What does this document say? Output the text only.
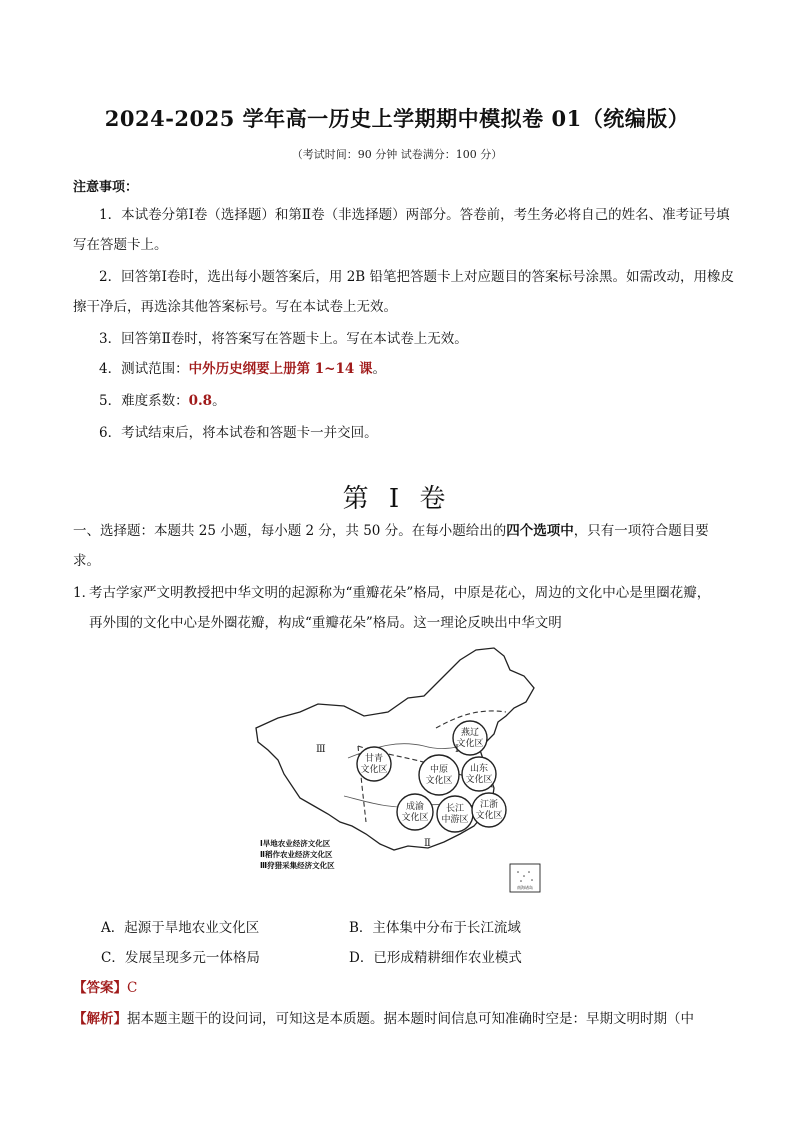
2024-2025 学年高一历史上学期期中模拟卷 01（统编版）
（考试时间：90 分钟 试卷满分：100 分）
注意事项：
1．本试卷分第Ⅰ卷（选择题）和第Ⅱ卷（非选择题）两部分。答卷前，考生务必将自己的姓名、准考证号填写在答题卡上。
2．回答第Ⅰ卷时，选出每小题答案后，用 2B 铅笔把答题卡上对应题目的答案标号涂黑。如需改动，用橡皮擦干净后，再选涂其他答案标号。写在本试卷上无效。
3．回答第Ⅱ卷时，将答案写在答题卡上。写在本试卷上无效。
4．测试范围：中外历史纲要上册第 1~14 课。
5．难度系数：0.8。
6．考试结束后，将本试卷和答题卡一并交回。
第 I 卷
一、选择题：本题共 25 小题，每小题 2 分，共 50 分。在每小题给出的四个选项中，只有一项符合题目要求。
1．考古学家严文明教授把中华文明的起源称为“重瓣花朵”格局，中原是花心，周边的文化中心是里圈花瓣，
再外围的文化中心是外圈花瓣，构成“重瓣花朵”格局。这一理论反映出中华文明
燕辽
文化区
甘青
文化区	中原
文化区
山东
文化区
成渝
文化区
长江
中游区
江浙
文化区
Ⅲ	Ⅰ
Ⅱ
Ⅰ旱地农业经济文化区
Ⅱ稻作农业经济文化区
Ⅲ狩猎采集经济文化区
南海诸岛
A．起源于旱地农业文化区	B．主体集中分布于长江流域
C．发展呈现多元一体格局	D．已形成精耕细作农业模式
【答案】C
【解析】据本题主题干的设问词，可知这是本质题。据本题时间信息可知准确时空是：早期文明时期（中
